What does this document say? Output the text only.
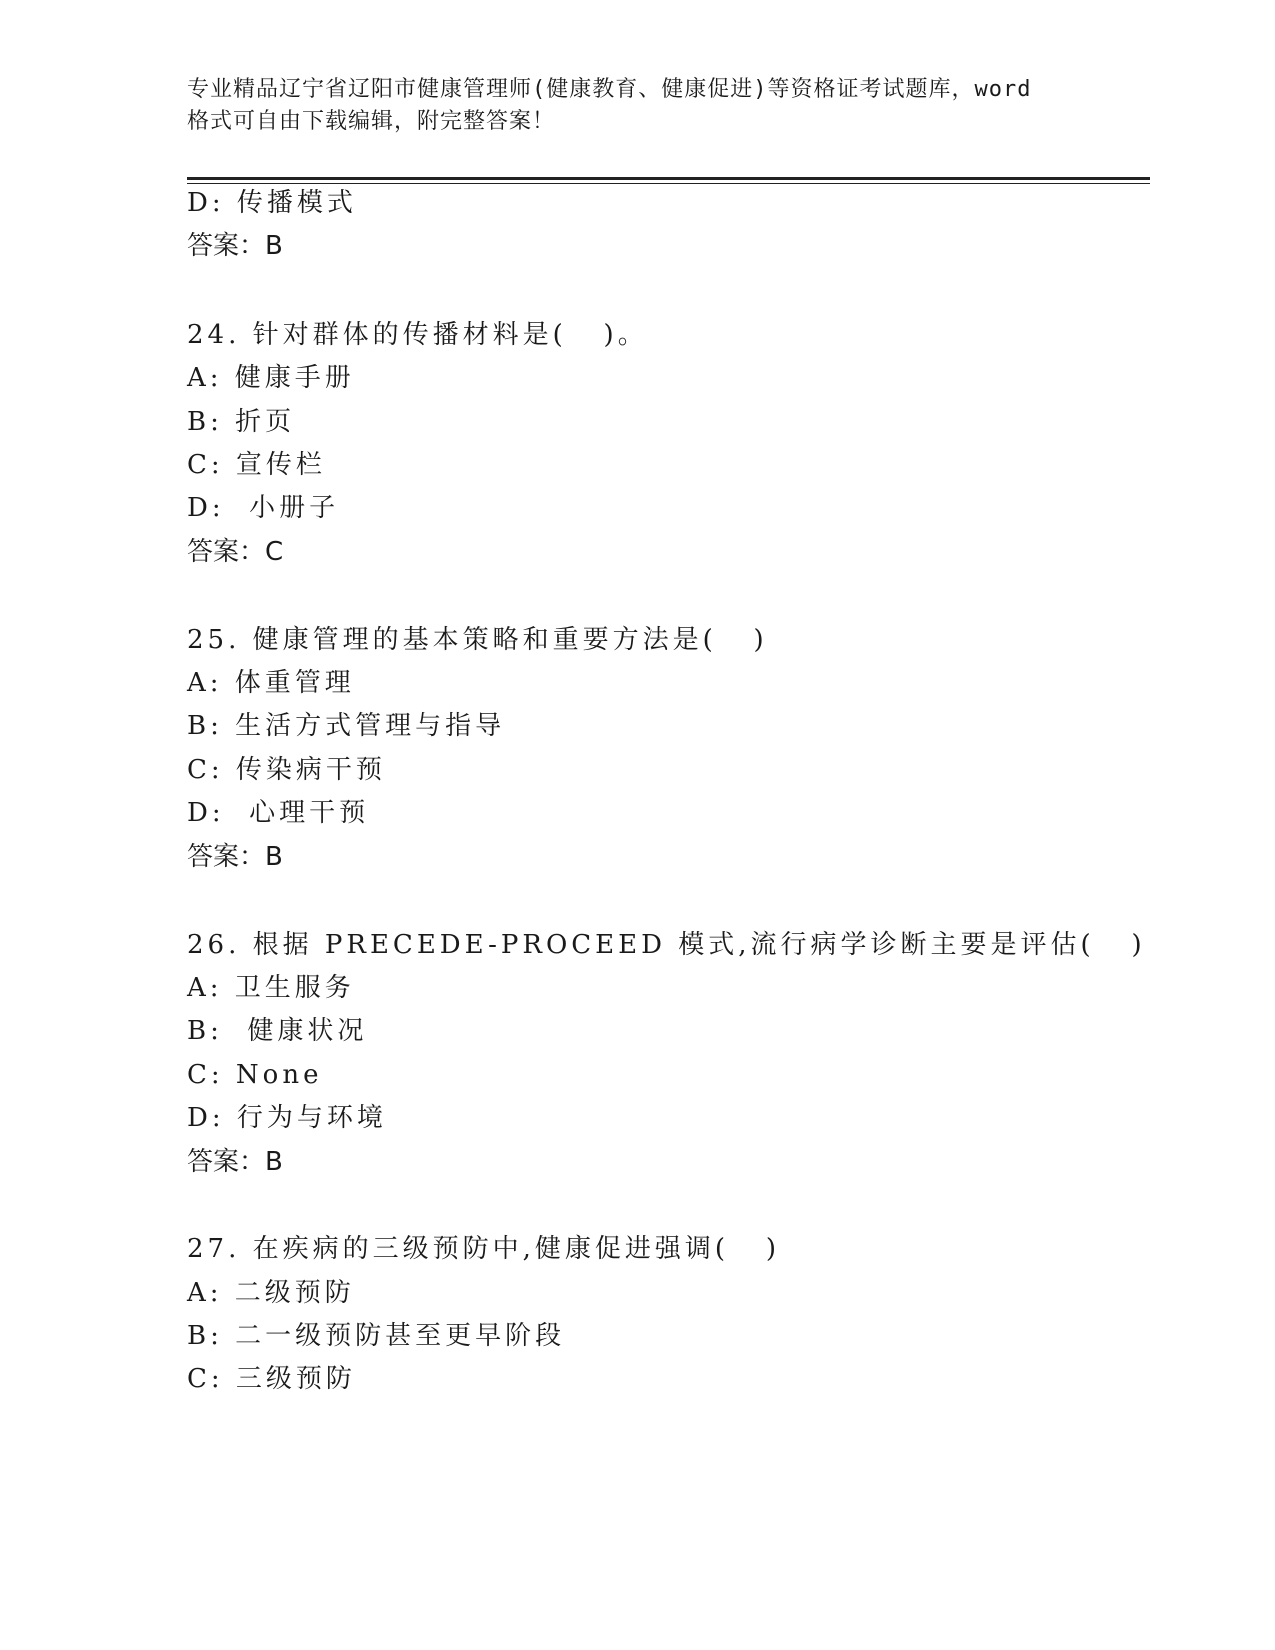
专业精品辽宁省辽阳市健康管理师(健康教育、健康促进)等资格证考试题库，word
格式可自由下载编辑，附完整答案！
D: 传播模式
答案：B
24. 针对群体的传播材料是(   )。
A: 健康手册
B: 折页
C: 宣传栏
D:  小册子
答案：C
25. 健康管理的基本策略和重要方法是(   )
A: 体重管理
B: 生活方式管理与指导
C: 传染病干预
D:  心理干预
答案：B
26. 根据 PRECEDE-PROCEED 模式,流行病学诊断主要是评估(   )
A: 卫生服务
B:  健康状况
C: None
D: 行为与环境
答案：B
27. 在疾病的三级预防中,健康促进强调(   )
A: 二级预防
B: 二一级预防甚至更早阶段
C: 三级预防
